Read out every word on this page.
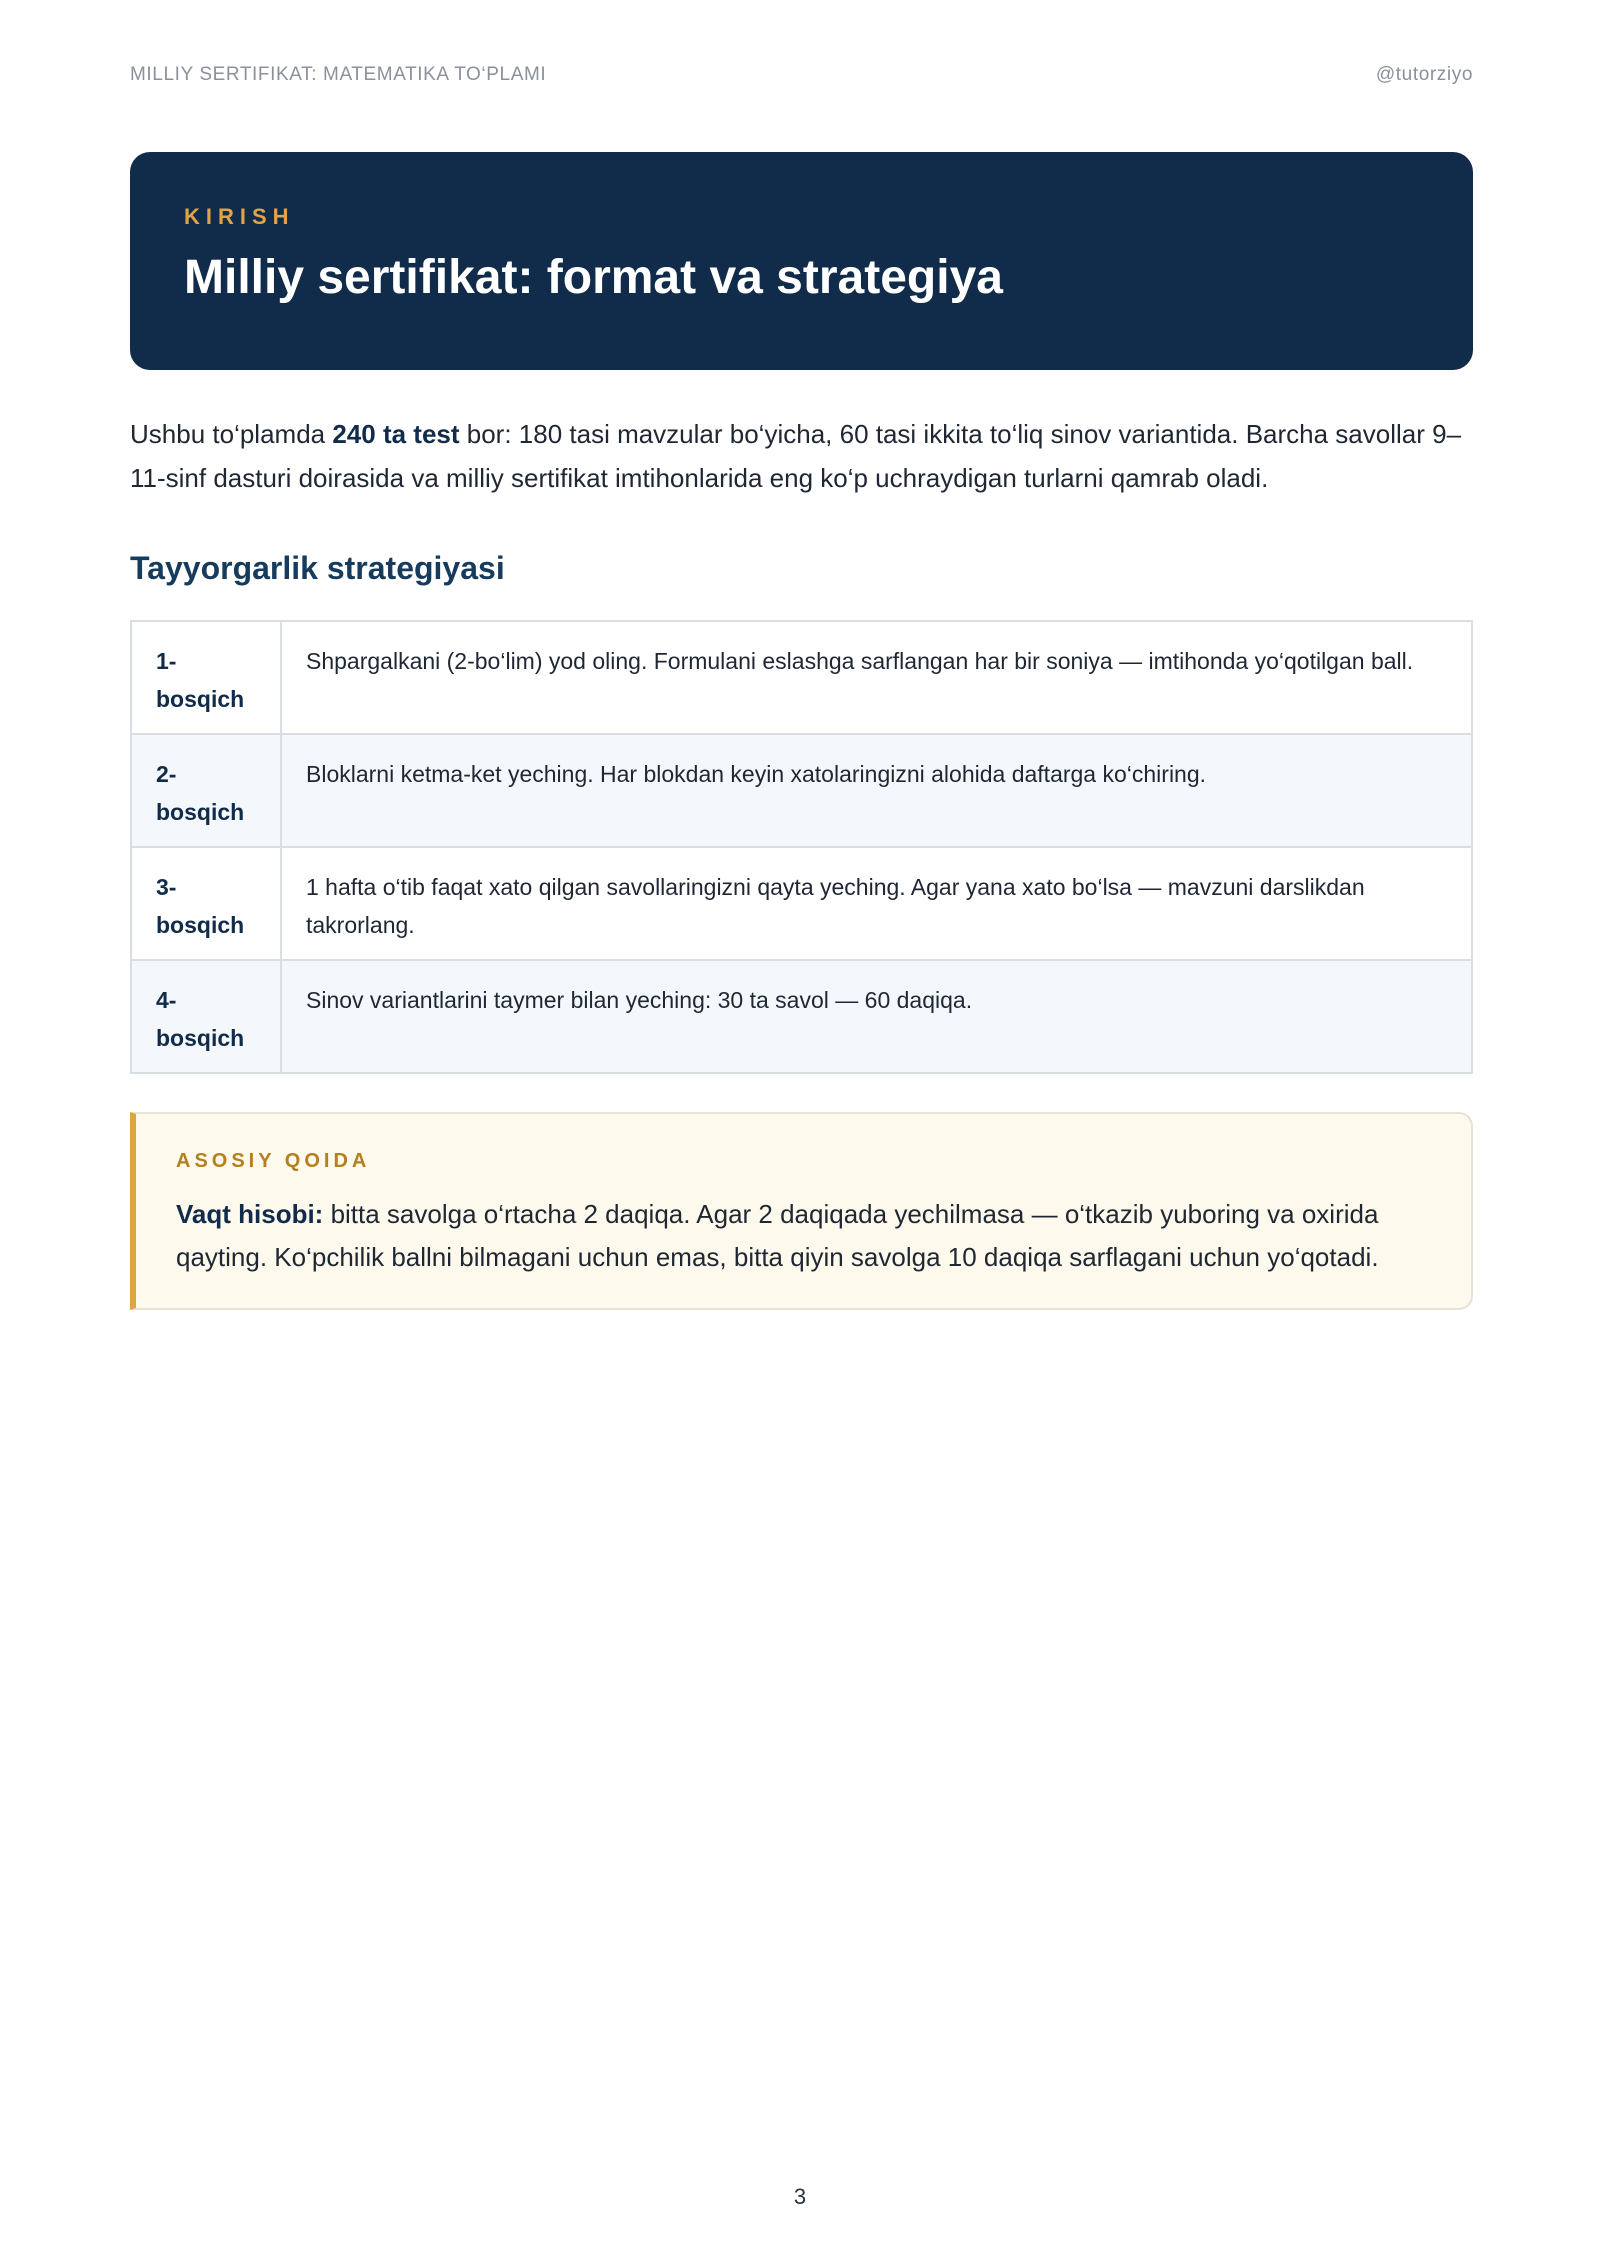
MILLIY SERTIFIKAT: MATEMATIKA TO‘PLAMI	@tutorziyo
KIRISH
Milliy sertifikat: format va strategiya

Ushbu to‘plamda 240 ta test bor: 180 tasi mavzular bo‘yicha, 60 tasi ikkita to‘liq sinov variantida. Barcha savollar 9–11-sinf dasturi doirasida va milliy sertifikat imtihonlarida eng ko‘p uchraydigan turlarni qamrab oladi.

Tayyorgarlik strategiyasi
1-bosqich	Shpargalkani (2-bo‘lim) yod oling. Formulani eslashga sarflangan har bir soniya — imtihonda yo‘qotilgan ball.
2-bosqich	Bloklarni ketma-ket yeching. Har blokdan keyin xatolaringizni alohida daftarga ko‘chiring.
3-bosqich	1 hafta o‘tib faqat xato qilgan savollaringizni qayta yeching. Agar yana xato bo‘lsa — mavzuni darslikdan takrorlang.
4-bosqich	Sinov variantlarini taymer bilan yeching: 30 ta savol — 60 daqiqa.
ASOSIY QOIDA

Vaqt hisobi: bitta savolga o‘rtacha 2 daqiqa. Agar 2 daqiqada yechilmasa — o‘tkazib yuboring va oxirida qayting. Ko‘pchilik ballni bilmagani uchun emas, bitta qiyin savolga 10 daqiqa sarflagani uchun yo‘qotadi.

3
